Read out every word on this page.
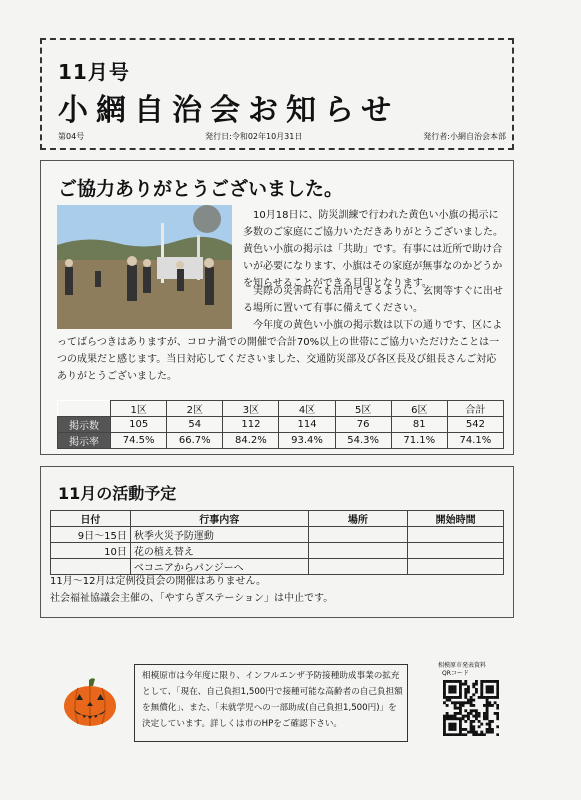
11月号
小網自治会お知らせ
第04号	発行日:令和02年10月31日	発行者:小網自治会本部
ご協力ありがとうございました。
10月18日に、防災訓練で行われた黄色い小旗の掲示に多数のご家庭にご協力いただきありがとうございました。黄色い小旗の掲示は「共助」です。有事には近所で助け合いが必要になります、小旗はその家庭が無事なのかどうかを知らせることができる目印となります。
実際の災害時にも活用できるように、玄関等すぐに出せる場所に置いて有事に備えてください。
今年度の黄色い小旗の掲示数は以下の通りです、区によ
ってばらつきはありますが、コロナ渦での開催で合計70%以上の世帯にご協力いただけたことは一つの成果だと感じます。当日対応してくださいました、交通防災部及び各区長及び組長さんご対応ありがとうございました。
	1区	2区	3区	4区	5区	6区	合計
掲示数	105	54	112	114	76	81	542
掲示率	74.5%	66.7%	84.2%	93.4%	54.3%	71.1%	74.1%
11月の活動予定
日付	行事内容	場所	開始時間
9日〜15日	秋季火災予防運動		
10日	花の植え替え		
	ベコニアからパンジーへ		
11月〜12月は定例役員会の開催はありません。
社会福祉協議会主催の、「やすらぎステーション」は中止です。
相模原市は今年度に限り、インフルエンザ予防接種助成事業の拡充として、「現在、自己負担1,500円で接種可能な高齢者の自己負担額を無償化」、また、「未就学児への一部助成(自己負担1,500円)」を決定しています。詳しくは市のHPをご確認下さい。
相模原市発表資料
QRコード
